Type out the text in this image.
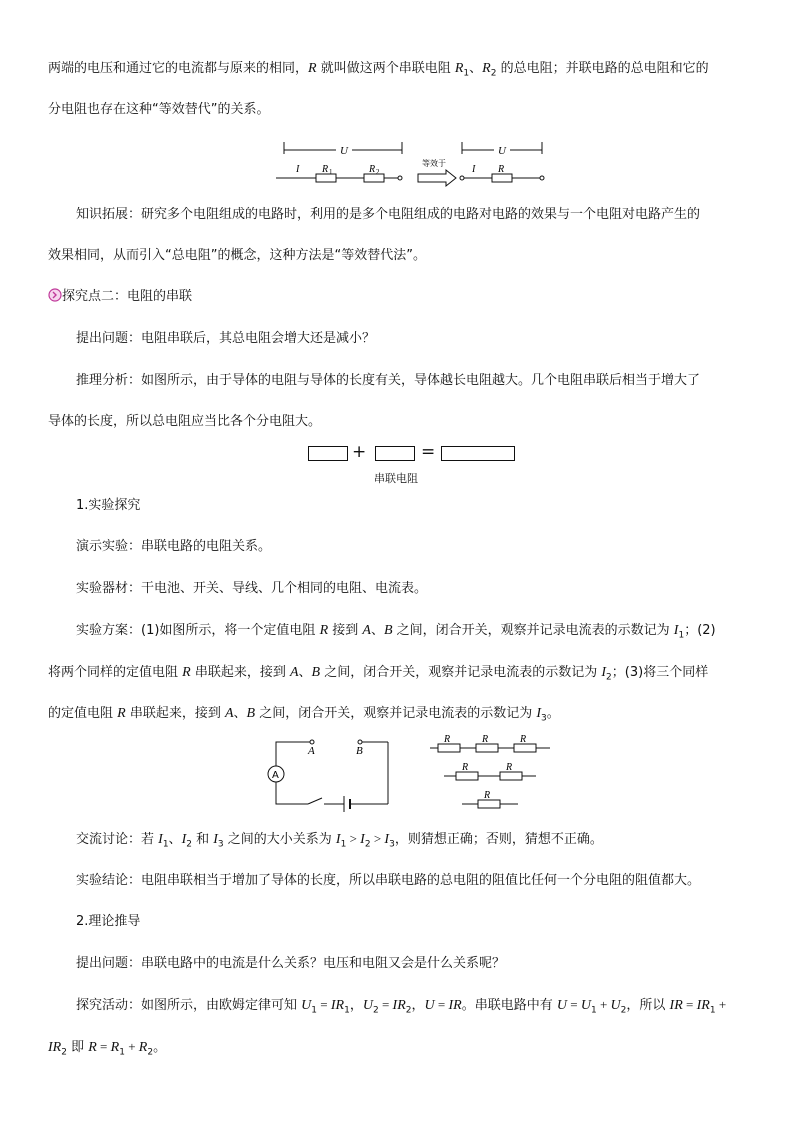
两端的电压和通过它的电流都与原来的相同，R 就叫做这两个串联电阻 $R_1$、$R_2$ 的总电阻；并联电路的总电阻和它的
分电阻也存在这种“等效替代”的关系。
U
I R 1	R 2
等效于
U
I R
知识拓展：研究多个电阻组成的电路时，利用的是多个电阻组成的电路对电路的效果与一个电阻对电路产生的
效果相同，从而引入“总电阻”的概念，这种方法是“等效替代法”。
探究点二：电阻的串联
提出问题：电阻串联后，其总电阻会增大还是减小？
推理分析：如图所示，由于导体的电阻与导体的长度有关，导体越长电阻越大。几个电阻串联后相当于增大了
导体的长度，所以总电阻应当比各个分电阻大。
+	=
串联电阻
1.实验探究
演示实验：串联电路的电阻关系。
实验器材：干电池、开关、导线、几个相同的电阻、电流表。
实验方案：(1)如图所示，将一个定值电阻 R 接到 A、B 之间，闭合开关，观察并记录电流表的示数记为 $I_1$；(2)
将两个同样的定值电阻 R 串联起来，接到 A、B 之间，闭合开关，观察并记录电流表的示数记为 $I_2$；(3)将三个同样
的定值电阻 R 串联起来，接到 A、B 之间，闭合开关，观察并记录电流表的示数记为 $I_3$。
A
A	B
R	R	R
R	R
R
交流讨论：若 $I_1$、$I_2$ 和 $I_3$ 之间的大小关系为 $I_1 > I_2 > I_3$，则猜想正确；否则，猜想不正确。
实验结论：电阻串联相当于增加了导体的长度，所以串联电路的总电阻的阻值比任何一个分电阻的阻值都大。
2.理论推导
提出问题：串联电路中的电流是什么关系？电压和电阻又会是什么关系呢？
探究活动：如图所示，由欧姆定律可知 $U_1 = IR_1$，$U_2 = IR_2$，U = IR。串联电路中有 $U = U_1 + U_2$，所以 IR = $IR_1$ +
$IR_2$ 即 $R = R_1 + R_2$。
